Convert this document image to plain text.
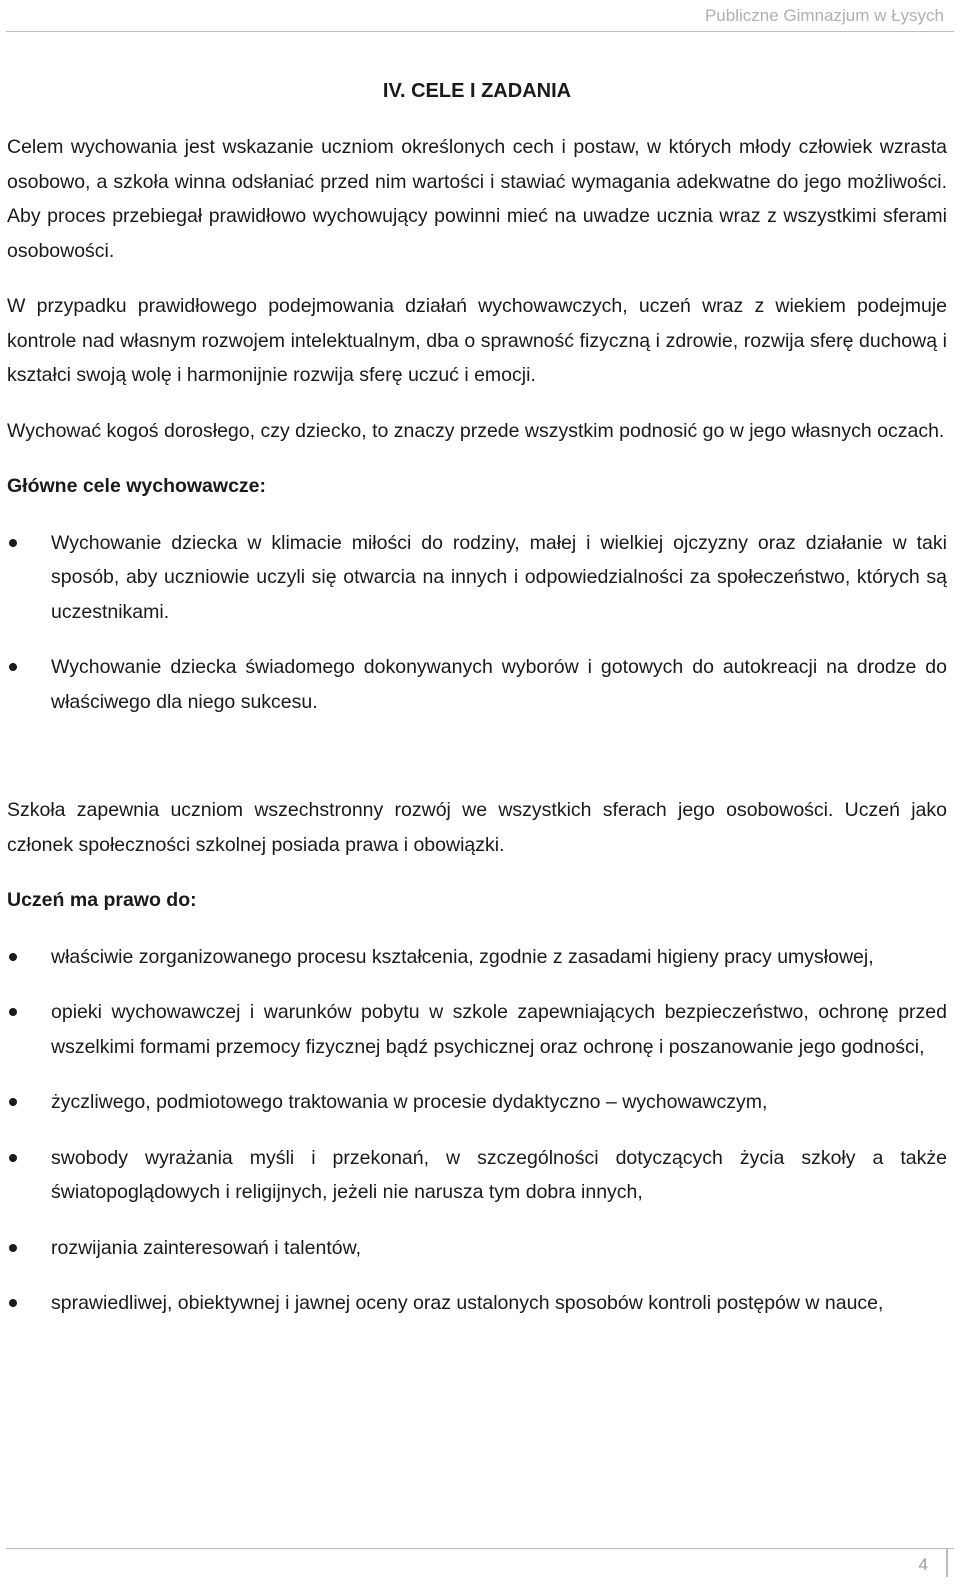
Publiczne Gimnazjum w Łysych
IV. CELE I ZADANIA

Celem wychowania jest wskazanie uczniom określonych cech i postaw, w których młody człowiek wzrasta osobowo, a szkoła winna odsłaniać przed nim wartości i stawiać wymagania adekwatne do jego możliwości. Aby proces przebiegał prawidłowo wychowujący powinni mieć na uwadze ucznia wraz z wszystkimi sferami osobowości.

W przypadku prawidłowego podejmowania działań wychowawczych, uczeń wraz z wiekiem podejmuje kontrole nad własnym rozwojem intelektualnym, dba o sprawność fizyczną i zdrowie, rozwija sferę duchową i kształci swoją wolę i harmonijnie rozwija sferę uczuć i emocji.

Wychować kogoś dorosłego, czy dziecko, to znaczy przede wszystkim podnosić go w jego własnych oczach.

Główne cele wychowawcze:
Wychowanie dziecka w klimacie miłości do rodziny, małej i wielkiej ojczyzny oraz działanie w taki sposób, aby uczniowie uczyli się otwarcia na innych i odpowiedzialności za społeczeństwo, których są uczestnikami.
Wychowanie dziecka świadomego dokonywanych wyborów i gotowych do autokreacji na drodze do właściwego dla niego sukcesu.

Szkoła zapewnia uczniom wszechstronny rozwój we wszystkich sferach jego osobowości. Uczeń jako członek społeczności szkolnej posiada prawa i obowiązki.

Uczeń ma prawo do:
właściwie zorganizowanego procesu kształcenia, zgodnie z zasadami higieny pracy umysłowej,
opieki wychowawczej i warunków pobytu w szkole zapewniających bezpieczeństwo, ochronę przed wszelkimi formami przemocy fizycznej bądź psychicznej oraz ochronę i poszanowanie jego godności,
życzliwego, podmiotowego traktowania w procesie dydaktyczno – wychowawczym,
swobody wyrażania myśli i przekonań, w szczególności dotyczących życia szkoły a także światopoglądowych i religijnych, jeżeli nie narusza tym dobra innych,
rozwijania zainteresowań i talentów,
sprawiedliwej, obiektywnej i jawnej oceny oraz ustalonych sposobów kontroli postępów w nauce,
4
